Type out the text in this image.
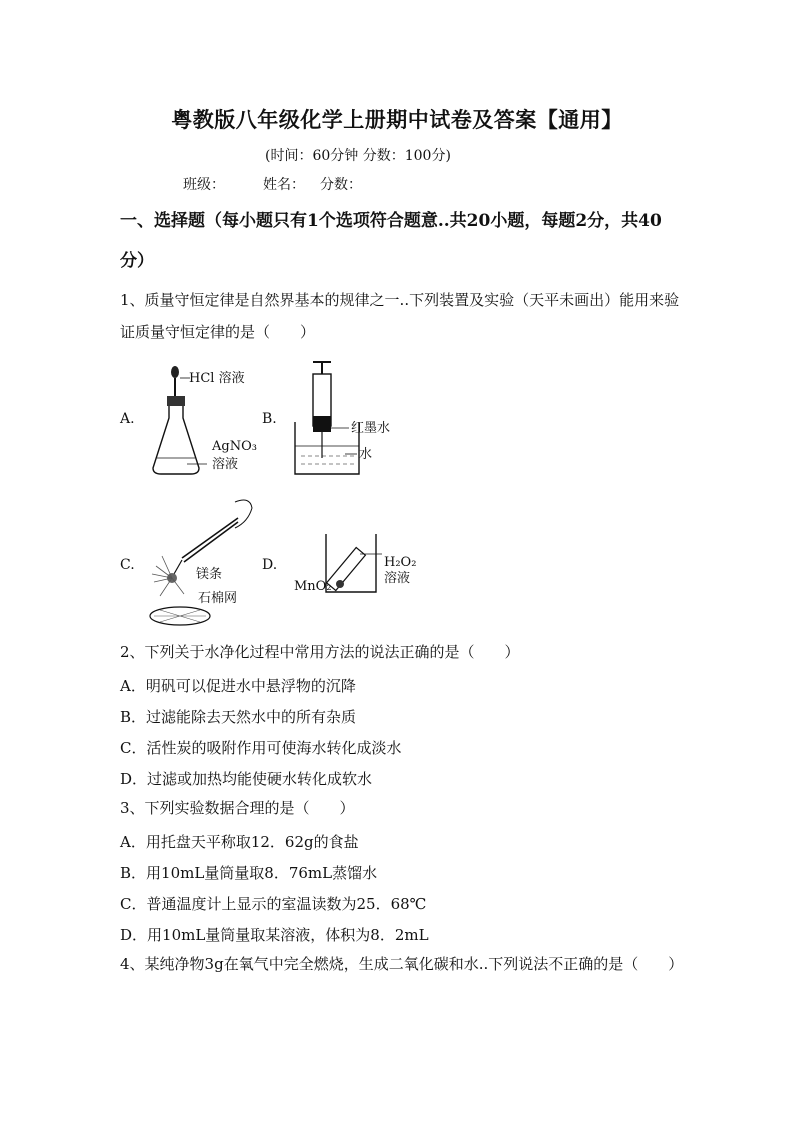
粤教版八年级化学上册期中试卷及答案【通用】
(时间：60分钟 分数：100分)
班级：	姓名： 分数：
一、选择题（每小题只有1个选项符合题意..共20小题，每题2分，共40分）
1、质量守恒定律是自然界基本的规律之一..下列装置及实验（天平未画出）能用来验证质量守恒定律的是（　　）
A.
HCl 溶液
AgNO₃
溶液
B.
红墨水
水
C.
镁条
石棉网
D.	H₂O₂
溶液
MnO₂
2、下列关于水净化过程中常用方法的说法正确的是（　　）
A．明矾可以促进水中悬浮物的沉降
B．过滤能除去天然水中的所有杂质
C．活性炭的吸附作用可使海水转化成淡水
D．过滤或加热均能使硬水转化成软水
3、下列实验数据合理的是（　　）
A．用托盘天平称取12．62g的食盐
B．用10mL量筒量取8．76mL蒸馏水
C．普通温度计上显示的室温读数为25．68℃
D．用10mL量筒量取某溶液，体积为8．2mL
4、某纯净物3g在氧气中完全燃烧，生成二氧化碳和水..下列说法不正确的是（　　）
